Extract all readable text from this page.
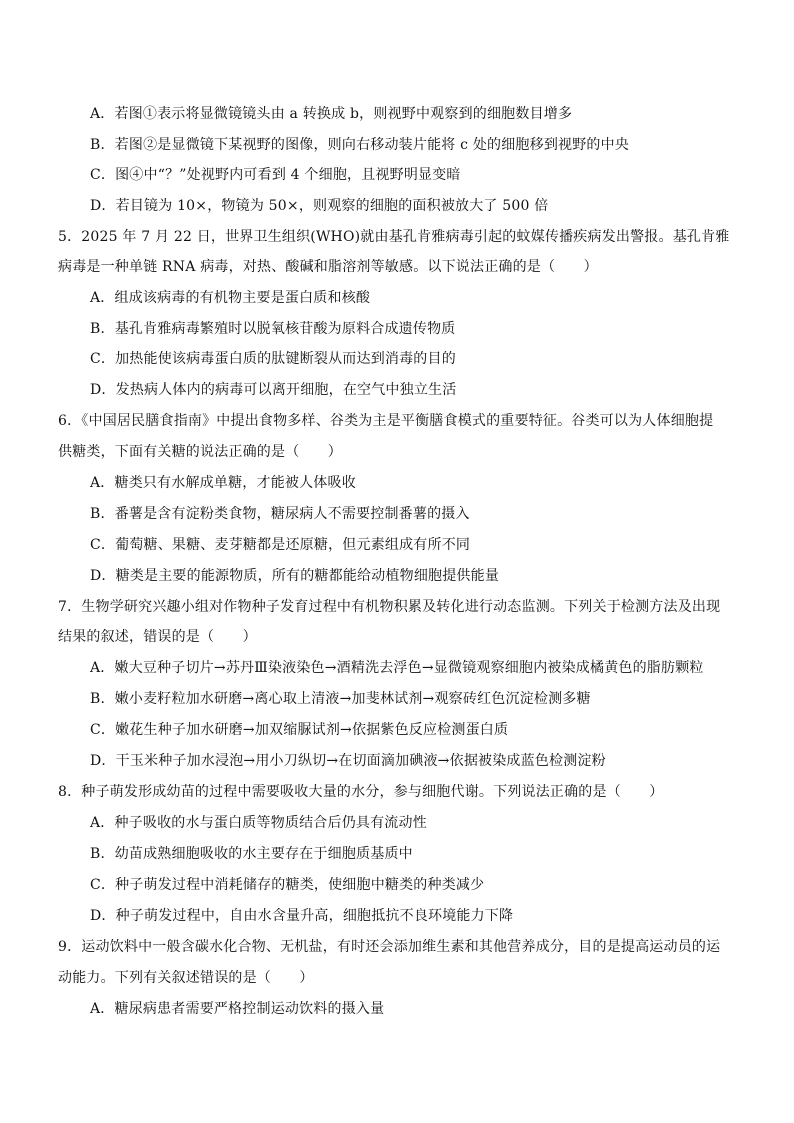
A．若图①表示将显微镜镜头由 a 转换成 b，则视野中观察到的细胞数目增多
B．若图②是显微镜下某视野的图像，则向右移动装片能将 c 处的细胞移到视野的中央
C．图④中“？”处视野内可看到 4 个细胞，且视野明显变暗
D．若目镜为 10×，物镜为 50×，则观察的细胞的面积被放大了 500 倍
5．2025 年 7 月 22 日，世界卫生组织(WHO)就由基孔肯雅病毒引起的蚊媒传播疾病发出警报。基孔肯雅
病毒是一种单链 RNA 病毒，对热、酸碱和脂溶剂等敏感。以下说法正确的是（　　）
A．组成该病毒的有机物主要是蛋白质和核酸
B．基孔肯雅病毒繁殖时以脱氧核苷酸为原料合成遗传物质
C．加热能使该病毒蛋白质的肽键断裂从而达到消毒的目的
D．发热病人体内的病毒可以离开细胞，在空气中独立生活
6．《中国居民膳食指南》中提出食物多样、谷类为主是平衡膳食模式的重要特征。谷类可以为人体细胞提
供糖类，下面有关糖的说法正确的是（　　）
A．糖类只有水解成单糖，才能被人体吸收
B．番薯是含有淀粉类食物，糖尿病人不需要控制番薯的摄入
C．葡萄糖、果糖、麦芽糖都是还原糖，但元素组成有所不同
D．糖类是主要的能源物质，所有的糖都能给动植物细胞提供能量
7．生物学研究兴趣小组对作物种子发育过程中有机物积累及转化进行动态监测。下列关于检测方法及出现
结果的叙述，错误的是（　　）
A．嫩大豆种子切片→苏丹Ⅲ染液染色→酒精洗去浮色→显微镜观察细胞内被染成橘黄色的脂肪颗粒
B．嫩小麦籽粒加水研磨→离心取上清液→加斐林试剂→观察砖红色沉淀检测多糖
C．嫩花生种子加水研磨→加双缩脲试剂→依据紫色反应检测蛋白质
D．干玉米种子加水浸泡→用小刀纵切→在切面滴加碘液→依据被染成蓝色检测淀粉
8．种子萌发形成幼苗的过程中需要吸收大量的水分，参与细胞代谢。下列说法正确的是（　　）
A．种子吸收的水与蛋白质等物质结合后仍具有流动性
B．幼苗成熟细胞吸收的水主要存在于细胞质基质中
C．种子萌发过程中消耗储存的糖类，使细胞中糖类的种类减少
D．种子萌发过程中，自由水含量升高，细胞抵抗不良环境能力下降
9．运动饮料中一般含碳水化合物、无机盐，有时还会添加维生素和其他营养成分，目的是提高运动员的运
动能力。下列有关叙述错误的是（　　）
A．糖尿病患者需要严格控制运动饮料的摄入量
